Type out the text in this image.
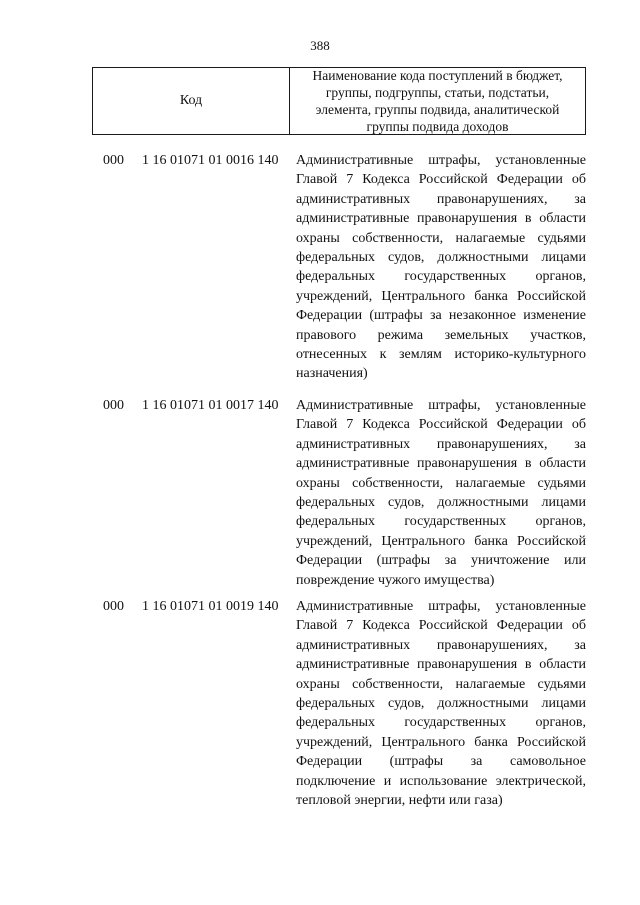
388
Код
Наименование кода поступлений в бюджет,
группы, подгруппы, статьи, подстатьи,
элемента, группы подвида, аналитической
группы подвида доходов
000 1 16 01071 01 0016 140 Административные штрафы, установленные
Главой 7 Кодекса Российской Федерации об
административных правонарушениях, за
административные правонарушения в области
охраны собственности, налагаемые судьями
федеральных судов, должностными лицами
федеральных государственных органов,
учреждений, Центрального банка Российской
Федерации (штрафы за незаконное изменение
правового режима земельных участков,
отнесенных к землям историко-культурного
назначения)
000 1 16 01071 01 0017 140 Административные штрафы, установленные
Главой 7 Кодекса Российской Федерации об
административных правонарушениях, за
административные правонарушения в области
охраны собственности, налагаемые судьями
федеральных судов, должностными лицами
федеральных государственных органов,
учреждений, Центрального банка Российской
Федерации (штрафы за уничтожение или
повреждение чужого имущества)
000 1 16 01071 01 0019 140 Административные штрафы, установленные
Главой 7 Кодекса Российской Федерации об
административных правонарушениях, за
административные правонарушения в области
охраны собственности, налагаемые судьями
федеральных судов, должностными лицами
федеральных государственных органов,
учреждений, Центрального банка Российской
Федерации (штрафы за самовольное
подключение и использование электрической,
тепловой энергии, нефти или газа)
